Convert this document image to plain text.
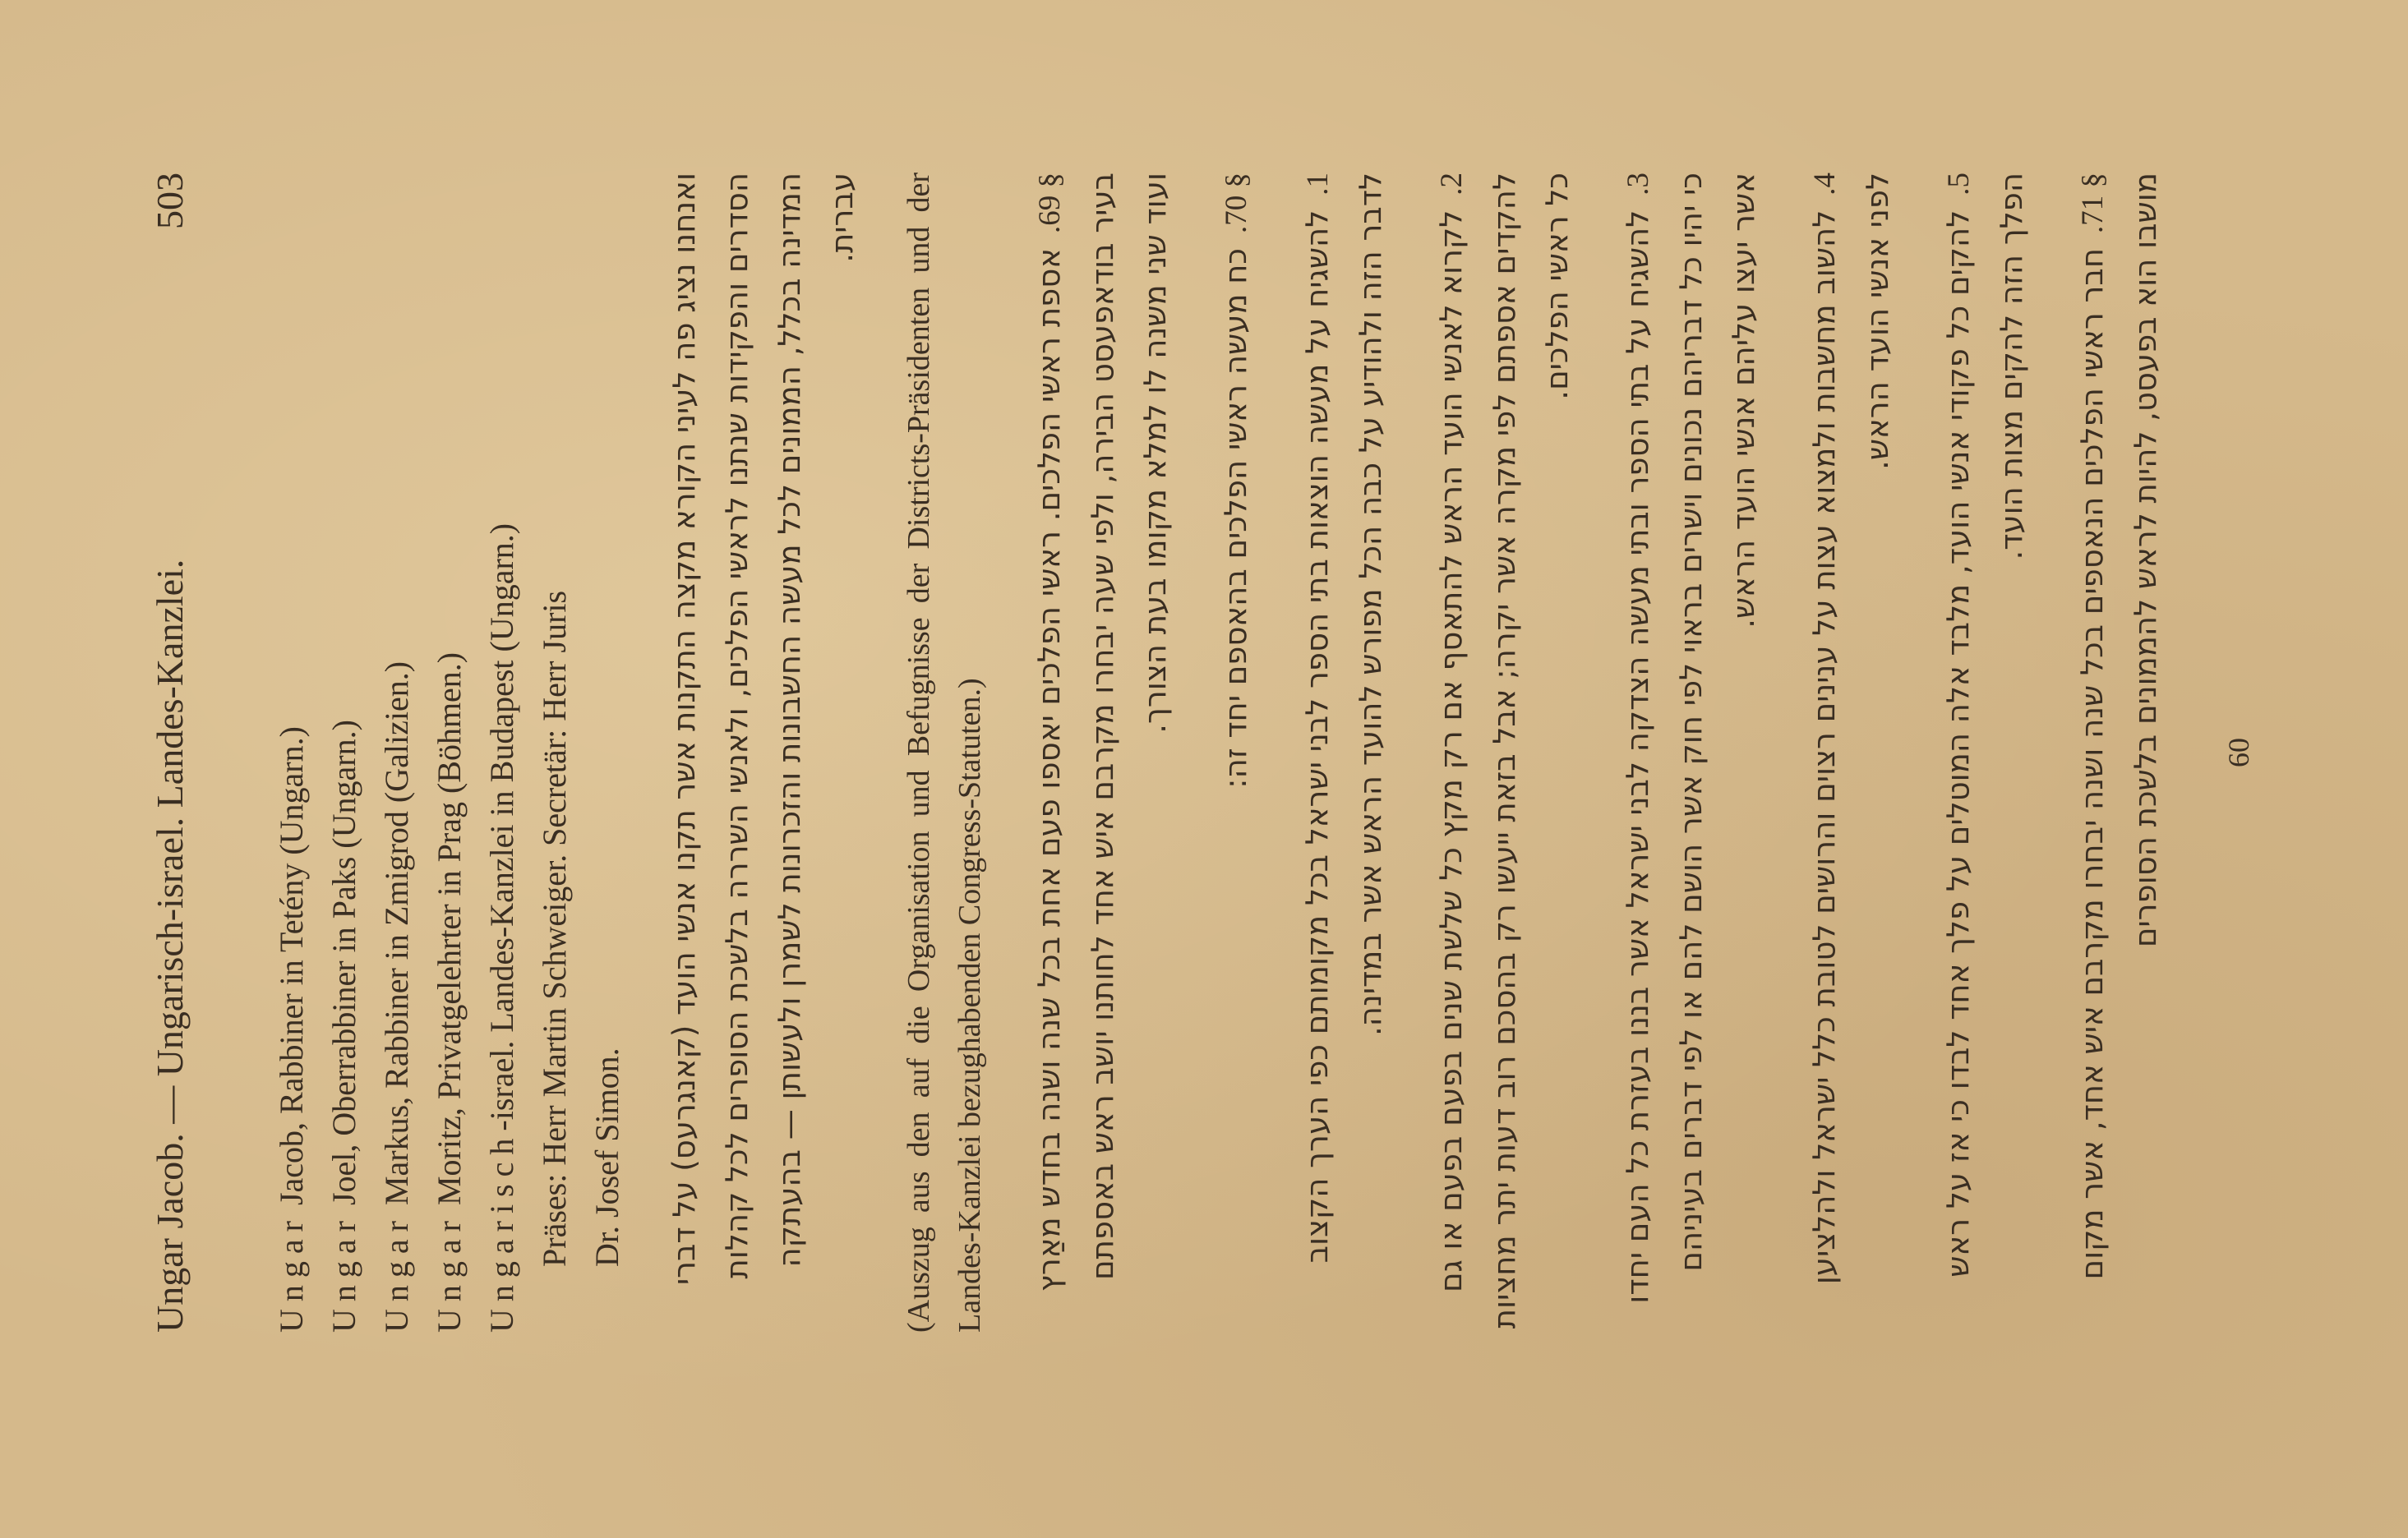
Ungar Jacob. — Ungarisch-israel. Landes-Kanzlei.
503
Ungar Jacob, Rabbiner in Tetény (Ungarn.)
Ungar Joel, Oberrabbiner in Paks (Ungarn.)
Ungar Markus, Rabbiner in Zmigrod (Galizien.)
Ungar Moritz, Privatgelehrter in Prag (Böhmen.)
Ungarisch-israel. Landes-Kanzlei in Budapest (Ungarn.) Präses: Herr Martin Schweiger. Secretär: Herr Juris Dr. Josef Simon. ואנחנו נציג פה לעיני הקורא מקצה התקנות אשר תקנו אנשי הועד (קאנגרעס) על דברי הסדרים והפקידות שנתנו לראשי הפלכים, ולאנשי השררה בלשכת הסופרים לכל קהלות המדינה בכלל, הממונים לכל מעשה החשבונות והזכרונות לשמרן ולעשותן — בהעתקה עברית. (Auszug aus den auf die Organisation und Befugnisse der Districts-Präsidenten und der Landes-Kanzlei bezughabenden Congress-Statuten.)
§ 69.אספת ראשי הפלכים. ראשי הפלכים יאספו פעם אחת בכל שנה ושנה בחדש מאַרץ בעיר בודאפעסט הבירה, ולפי שעה יבחרו מקרבם איש אחד לחותנו יושב ראש באספתם ועוד שני משנה לו למלא מקומו בעת הצורך.	§ 70.כח מעשה ראשי הפלכים בהאספם יחד זה:
1.להשגיח על מעשה הוצאות בתי הספר לבני ישראל בכל מקומותם כפי הערך הקצוב לדבר הזה ולהודיע על כבה הכל מפורש להועד הראש אשר במדינה.	2.לקרוא לאנשי הועד הראש להתאסף אם רק מקץ כל שלשת שנים בפעם בפעם או גם להקדים אספתם לפי מקרה אשר יקרה; אבל בזאת ייעשו רק בהסכם רוב דעות יתר מחציות כל ראשי הפלכים.	3.להשגיח על בתי הספר ובתי מעשה הצדקה לבני ישראל אשר בננו בעזרת כל העם יחדו כי יהיו כל דבריהם נכונים וישרים בראוי לפי חוק אשר הושם להם או לפי דברים בעיניהם אשר יעצו עליהם אנשי הועד הראש.	4.להשוב מחשבות ולמצוא עצות על ענינים רצוים והרושים לטובת כלל ישראל ולהלציען לפני אנשי הועד הראש.	5.להקים כל פקודי אנשי הועד, מלבד אלה המוטלים על פלך אחד לבדו כי אז על ראש הפלך הזה להקים מצות הועד.	§ 71.חבר ראשי הפלכים הנאספים בכל שנה ושנה יבחרו מקרבם איש אחד, אשר מקום מושבו הוא בפעסט, להיות לראש להממונים בלשכת הסופרים	60
